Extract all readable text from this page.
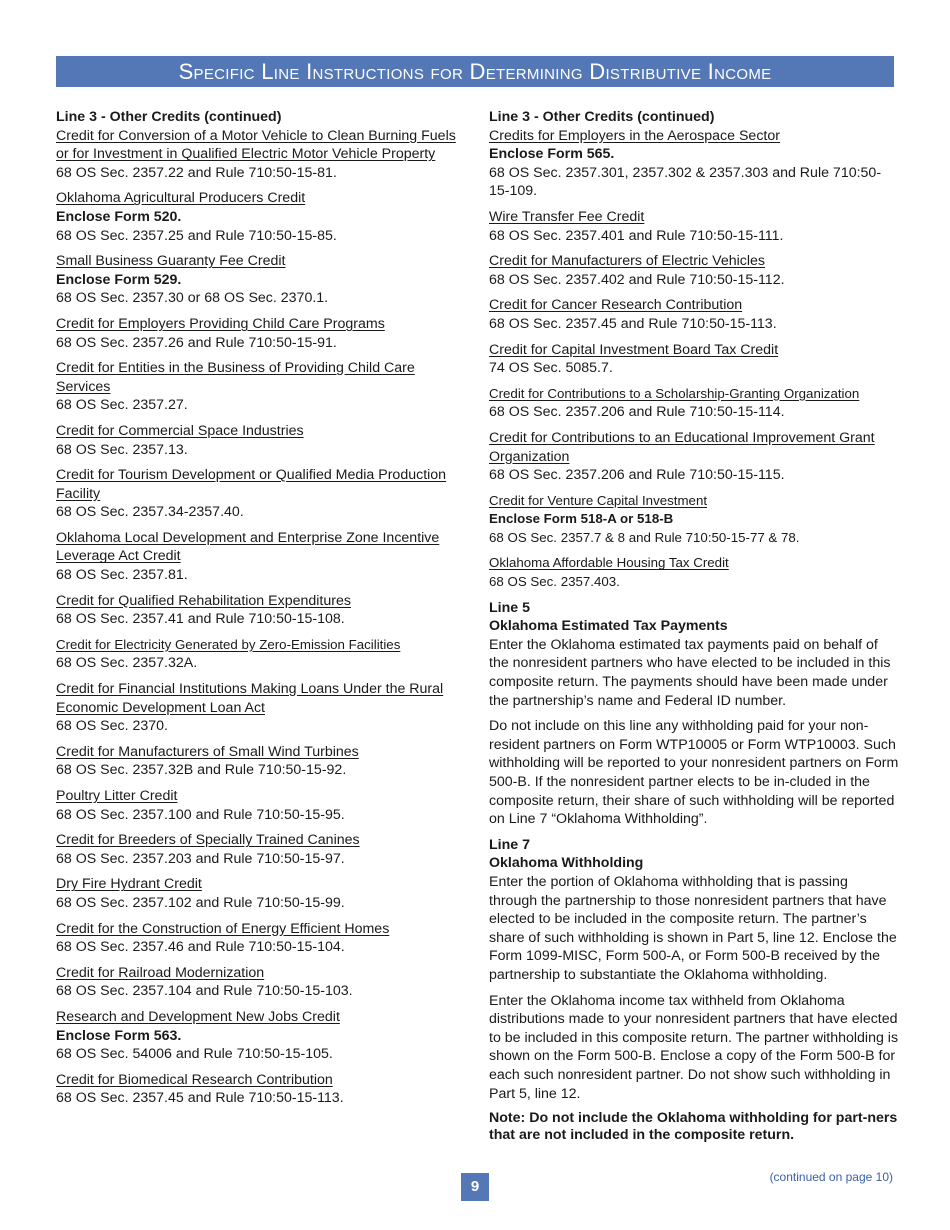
Specific Line Instructions for Determining Distributive Income
Line 3 - Other Credits (continued)
Credit for Conversion of a Motor Vehicle to Clean Burning Fuels or for Investment in Qualified Electric Motor Vehicle Property
68 OS Sec. 2357.22 and Rule 710:50-15-81.
Oklahoma Agricultural Producers Credit
Enclose Form 520.
68 OS Sec. 2357.25 and Rule 710:50-15-85.
Small Business Guaranty Fee Credit
Enclose Form 529.
68 OS Sec. 2357.30 or 68 OS Sec. 2370.1.
Credit for Employers Providing Child Care Programs
68 OS Sec. 2357.26 and Rule 710:50-15-91.
Credit for Entities in the Business of Providing Child Care Services
68 OS Sec. 2357.27.
Credit for Commercial Space Industries
68 OS Sec. 2357.13.
Credit for Tourism Development or Qualified Media Production Facility
68 OS Sec. 2357.34-2357.40.
Oklahoma Local Development and Enterprise Zone Incentive Leverage Act Credit
68 OS Sec. 2357.81.
Credit for Qualified Rehabilitation Expenditures
68 OS Sec. 2357.41 and Rule 710:50-15-108.
Credit for Electricity Generated by Zero-Emission Facilities
68 OS Sec. 2357.32A.
Credit for Financial Institutions Making Loans Under the Rural Economic Development Loan Act
68 OS Sec. 2370.
Credit for Manufacturers of Small Wind Turbines
68 OS Sec. 2357.32B and Rule 710:50-15-92.
Poultry Litter Credit
68 OS Sec. 2357.100 and Rule 710:50-15-95.
Credit for Breeders of Specially Trained Canines
68 OS Sec. 2357.203 and Rule 710:50-15-97.
Dry Fire Hydrant Credit
68 OS Sec. 2357.102 and Rule 710:50-15-99.
Credit for the Construction of Energy Efficient Homes
68 OS Sec. 2357.46 and Rule 710:50-15-104.
Credit for Railroad Modernization
68 OS Sec. 2357.104 and Rule 710:50-15-103.
Research and Development New Jobs Credit
Enclose Form 563.
68 OS Sec. 54006 and Rule 710:50-15-105.
Credit for Biomedical Research Contribution
68 OS Sec. 2357.45 and Rule 710:50-15-113.
Line 3 - Other Credits (continued)
Credits for Employers in the Aerospace Sector
Enclose Form 565.
68 OS Sec. 2357.301, 2357.302 & 2357.303 and Rule 710:50-15-109.
Wire Transfer Fee Credit
68 OS Sec. 2357.401 and Rule 710:50-15-111.
Credit for Manufacturers of Electric Vehicles
68 OS Sec. 2357.402 and Rule 710:50-15-112.
Credit for Cancer Research Contribution
68 OS Sec. 2357.45 and Rule 710:50-15-113.
Credit for Capital Investment Board Tax Credit
74 OS Sec. 5085.7.
Credit for Contributions to a Scholarship-Granting Organization
68 OS Sec. 2357.206 and Rule 710:50-15-114.
Credit for Contributions to an Educational Improvement Grant Organization
68 OS Sec. 2357.206 and Rule 710:50-15-115.
Credit for Venture Capital Investment
Enclose Form 518-A or 518-B
68 OS Sec. 2357.7 & 8 and Rule 710:50-15-77 & 78.
Oklahoma Affordable Housing Tax Credit
68 OS Sec. 2357.403.
Line 5
Oklahoma Estimated Tax Payments
Enter the Oklahoma estimated tax payments paid on behalf of the nonresident partners who have elected to be included in this composite return. The payments should have been made under the partnership’s name and Federal ID number.
Do not include on this line any withholding paid for your non-resident partners on Form WTP10005 or Form WTP10003. Such withholding will be reported to your nonresident partners on Form 500-B. If the nonresident partner elects to be in-cluded in the composite return, their share of such withholding will be reported on Line 7 “Oklahoma Withholding”.
Line 7
Oklahoma Withholding
Enter the portion of Oklahoma withholding that is passing through the partnership to those nonresident partners that have elected to be included in the composite return. The partner’s share of such withholding is shown in Part 5, line 12. Enclose the Form 1099-MISC, Form 500-A, or Form 500-B received by the partnership to substantiate the Oklahoma withholding.
Enter the Oklahoma income tax withheld from Oklahoma distributions made to your nonresident partners that have elected to be included in this composite return. The partner withholding is shown on the Form 500-B. Enclose a copy of the Form 500-B for each such nonresident partner. Do not show such withholding in Part 5, line 12.
Note: Do not include the Oklahoma withholding for part-ners that are not included in the composite return.
9
(continued on page 10)
